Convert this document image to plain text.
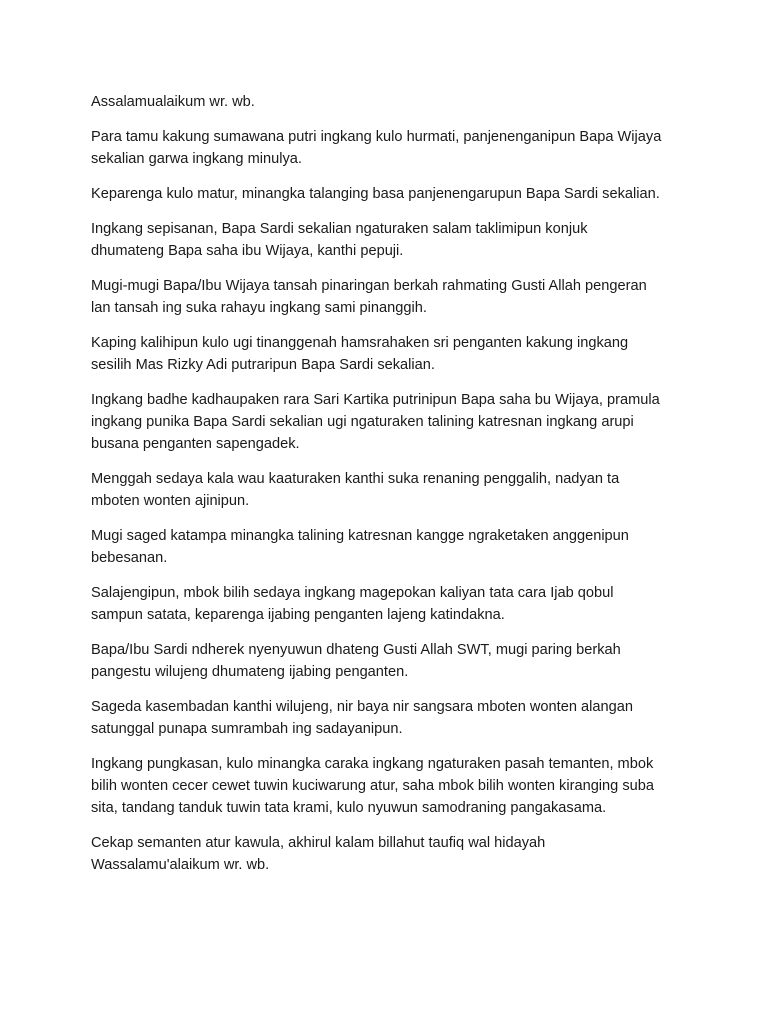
Assalamualaikum wr. wb.

Para tamu kakung sumawana putri ingkang kulo hurmati, panjenenganipun Bapa Wijaya
sekalian garwa ingkang minulya.

Keparenga kulo matur, minangka talanging basa panjenengarupun Bapa Sardi sekalian.

Ingkang sepisanan, Bapa Sardi sekalian ngaturaken salam taklimipun konjuk
dhumateng Bapa saha ibu Wijaya, kanthi pepuji.

Mugi-mugi Bapa/Ibu Wijaya tansah pinaringan berkah rahmating Gusti Allah pengeran
lan tansah ing suka rahayu ingkang sami pinanggih.

Kaping kalihipun kulo ugi tinanggenah hamsrahaken sri penganten kakung ingkang
sesilih Mas Rizky Adi putraripun Bapa Sardi sekalian.

Ingkang badhe kadhaupaken rara Sari Kartika putrinipun Bapa saha bu Wijaya, pramula
ingkang punika Bapa Sardi sekalian ugi ngaturaken talining katresnan ingkang arupi
busana penganten sapengadek.

Menggah sedaya kala wau kaaturaken kanthi suka renaning penggalih, nadyan ta
mboten wonten ajinipun.

Mugi saged katampa minangka talining katresnan kangge ngraketaken anggenipun
bebesanan.

Salajengipun, mbok bilih sedaya ingkang magepokan kaliyan tata cara Ijab qobul
sampun satata, keparenga ijabing penganten lajeng katindakna.

Bapa/Ibu Sardi ndherek nyenyuwun dhateng Gusti Allah SWT, mugi paring berkah
pangestu wilujeng dhumateng ijabing penganten.

Sageda kasembadan kanthi wilujeng, nir baya nir sangsara mboten wonten alangan
satunggal punapa sumrambah ing sadayanipun.

Ingkang pungkasan, kulo minangka caraka ingkang ngaturaken pasah temanten, mbok
bilih wonten cecer cewet tuwin kuciwarung atur, saha mbok bilih wonten kiranging suba
sita, tandang tanduk tuwin tata krami, kulo nyuwun samodraning pangakasama.

Cekap semanten atur kawula, akhirul kalam billahut taufiq wal hidayah
Wassalamu'alaikum wr. wb.
